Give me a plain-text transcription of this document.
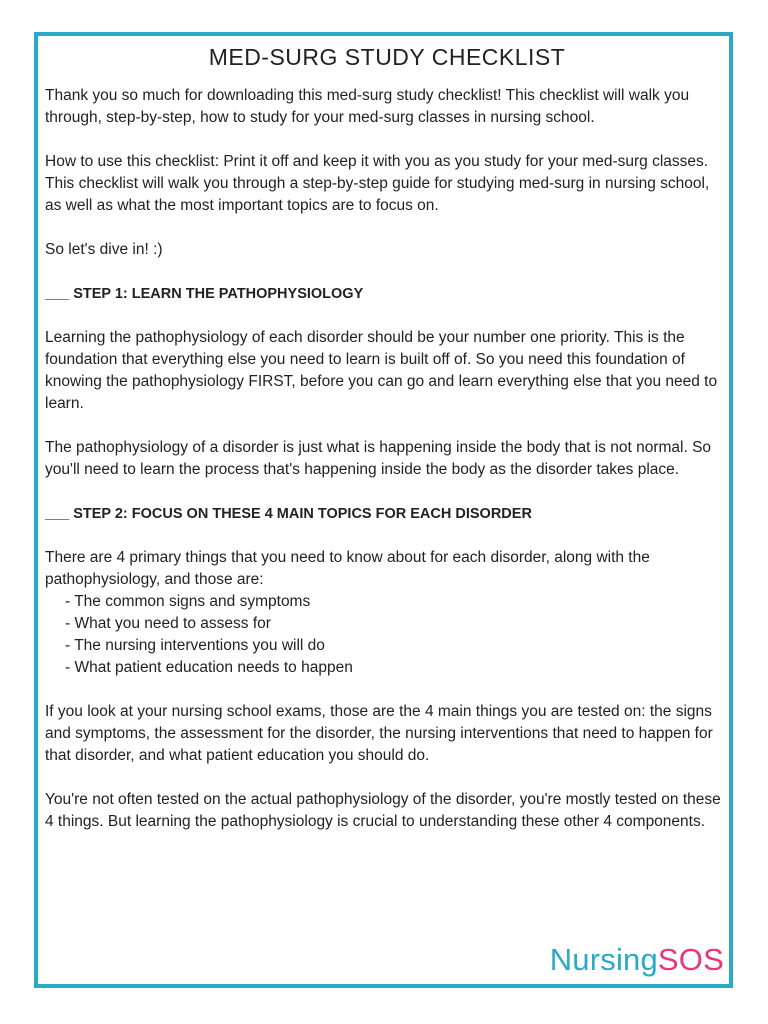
MED-SURG STUDY CHECKLIST

Thank you so much for downloading this med-surg study checklist! This checklist will walk you through, step-by-step, how to study for your med-surg classes in nursing school.

How to use this checklist: Print it off and keep it with you as you study for your med-surg classes. This checklist will walk you through a step-by-step guide for studying med-surg in nursing school, as well as what the most important topics are to focus on.

So let's dive in! :)

___ STEP 1: LEARN THE PATHOPHYSIOLOGY

Learning the pathophysiology of each disorder should be your number one priority. This is the foundation that everything else you need to learn is built off of. So you need this foundation of knowing the pathophysiology FIRST, before you can go and learn everything else that you need to learn.

The pathophysiology of a disorder is just what is happening inside the body that is not normal. So you'll need to learn the process that's happening inside the body as the disorder takes place.

___ STEP 2: FOCUS ON THESE 4 MAIN TOPICS FOR EACH DISORDER

There are 4 primary things that you need to know about for each disorder, along with the pathophysiology, and those are:

- The common signs and symptoms
- What you need to assess for
- The nursing interventions you will do
- What patient education needs to happen

If you look at your nursing school exams, those are the 4 main things you are tested on: the signs and symptoms, the assessment for the disorder, the nursing interventions that need to happen for that disorder, and what patient education you should do.

You're not often tested on the actual pathophysiology of the disorder, you're mostly tested on these 4 things. But learning the pathophysiology is crucial to understanding these other 4 components.

NursingSOS
